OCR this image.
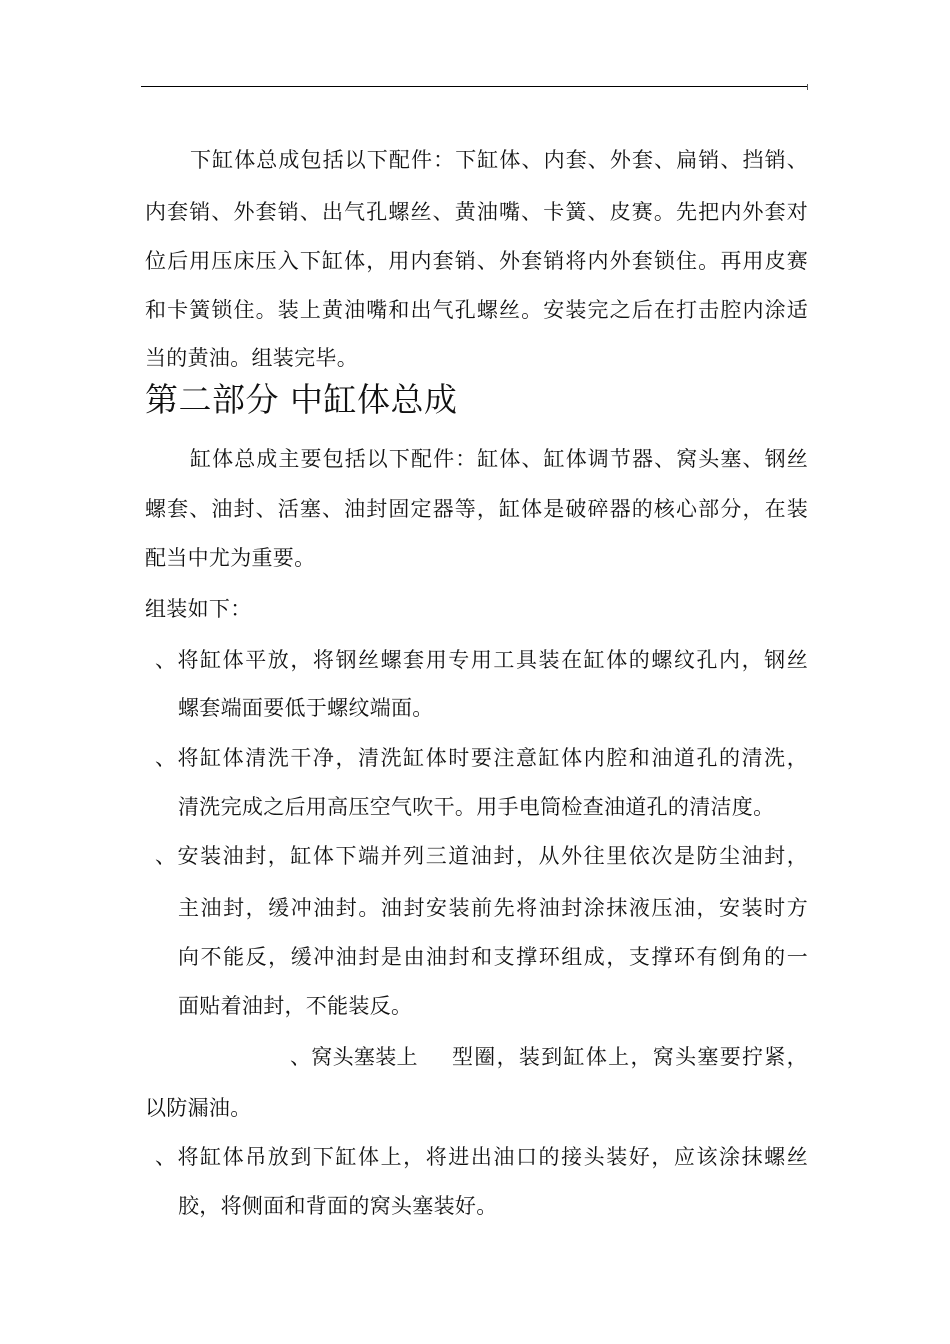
下缸体总成包括以下配件：下缸体、内套、外套、扁销、挡销、
内套销、外套销、出气孔螺丝、黄油嘴、卡簧、皮赛。先把内外套对
位后用压床压入下缸体，用内套销、外套销将内外套锁住。再用皮赛
和卡簧锁住。装上黄油嘴和出气孔螺丝。安装完之后在打击腔内涂适
当的黄油。组装完毕。
第二部分 中缸体总成
缸体总成主要包括以下配件：缸体、缸体调节器、窝头塞、钢丝
螺套、油封、活塞、油封固定器等，缸体是破碎器的核心部分，在装
配当中尤为重要。
组装如下：
、将缸体平放，将钢丝螺套用专用工具装在缸体的螺纹孔内，钢丝
螺套端面要低于螺纹端面。
、将缸体清洗干净，清洗缸体时要注意缸体内腔和油道孔的清洗，
清洗完成之后用高压空气吹干。用手电筒检查油道孔的清洁度。
、安装油封，缸体下端并列三道油封，从外往里依次是防尘油封，
主油封，缓冲油封。油封安装前先将油封涂抹液压油，安装时方
向不能反，缓冲油封是由油封和支撑环组成，支撑环有倒角的一
面贴着油封，不能装反。
、窝头塞装上	型圈，装到缸体上，窝头塞要拧紧，
以防漏油。
、将缸体吊放到下缸体上，将进出油口的接头装好，应该涂抹螺丝
胶，将侧面和背面的窝头塞装好。
